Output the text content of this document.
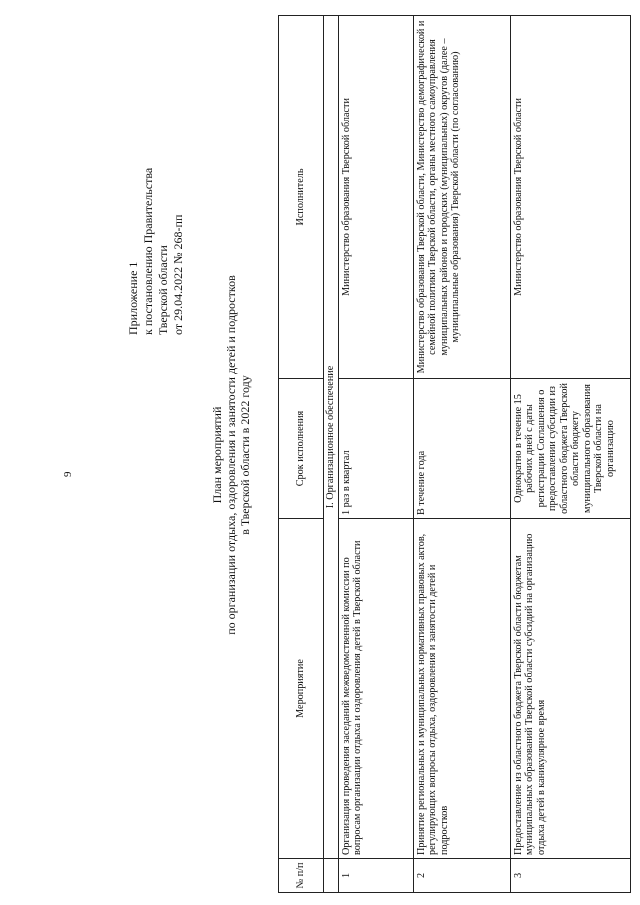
9
Приложение 1 к постановлению Правительства Тверской области от 29.04.2022 № 268-пп
План мероприятий по организации отдыха, оздоровления и занятости детей и подростков в Тверской области в 2022 году
№ п/п	Мероприятие	Срок исполнения	Исполнитель
	I. Организационное обеспечение		
1	Организация проведения заседаний межведомственной комиссии по вопросам организации отдыха и оздоровления детей в Тверской области	1 раз в квартал	Министерство образования Тверской области
2	Принятие региональных и муниципальных нормативных правовых актов, регулирующих вопросы отдыха, оздоровления и занятости детей и подростков	В течение года	Министерство образования Тверской области, Министерство демографической и семейной политики Тверской области, органы местного самоуправления муниципальных районов и городских (муниципальных) округов (далее – муниципальные образования) Тверской области (по согласованию)
3	Предоставление из областного бюджета Тверской области бюджетам муниципальных образований Тверской области субсидий на организацию отдыха детей в каникулярное время	Однократно в течение 15 рабочих дней с даты регистрации Соглашения о предоставлении субсидии из областного бюджета Тверской области бюджету муниципального образования Тверской области на организацию	Министерство образования Тверской области
